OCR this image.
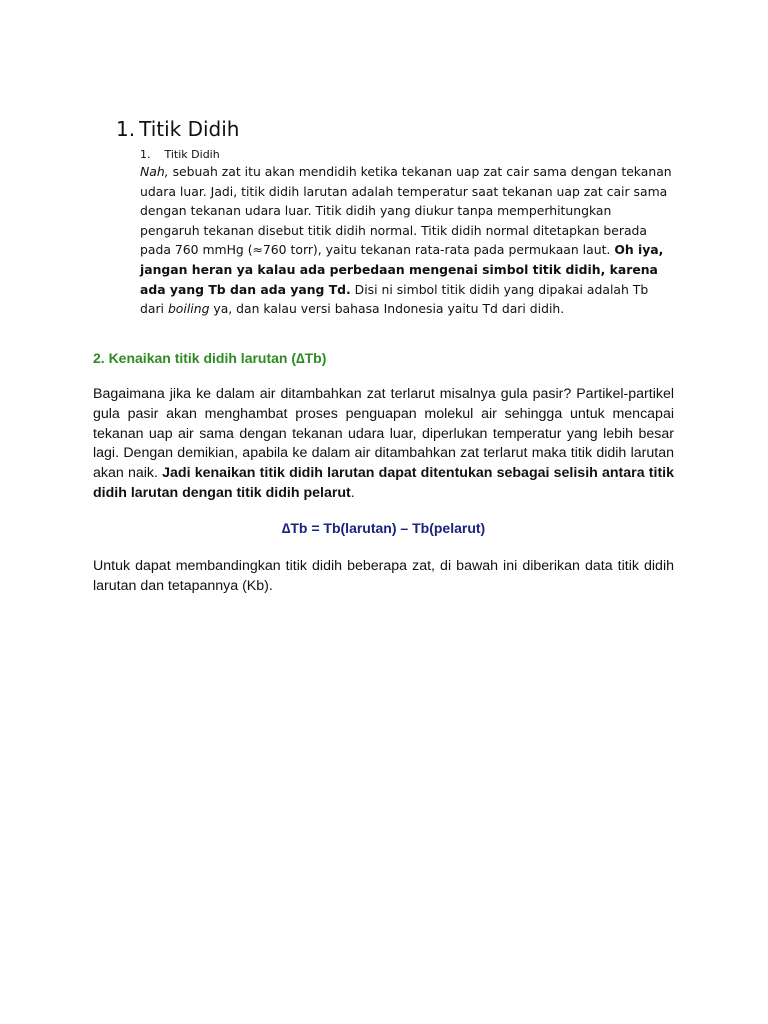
1. Titik Didih
1. Titik Didih

Nah, sebuah zat itu akan mendidih ketika tekanan uap zat cair sama dengan tekanan udara luar. Jadi, titik didih larutan adalah temperatur saat tekanan uap zat cair sama dengan tekanan udara luar. Titik didih yang diukur tanpa memperhitungkan pengaruh tekanan disebut titik didih normal. Titik didih normal ditetapkan berada pada 760 mmHg (≈760 torr), yaitu tekanan rata-rata pada permukaan laut. Oh iya, jangan heran ya kalau ada perbedaan mengenai simbol titik didih, karena ada yang Tb dan ada yang Td. Disi ni simbol titik didih yang dipakai adalah Tb dari boiling ya, dan kalau versi bahasa Indonesia yaitu Td dari didih.

2. Kenaikan titik didih larutan (∆Tb)

Bagaimana jika ke dalam air ditambahkan zat terlarut misalnya gula pasir? Partikel-partikel gula pasir akan menghambat proses penguapan molekul air sehingga untuk mencapai tekanan uap air sama dengan tekanan udara luar, diperlukan temperatur yang lebih besar lagi. Dengan demikian, apabila ke dalam air ditambahkan zat terlarut maka titik didih larutan akan naik. Jadi kenaikan titik didih larutan dapat ditentukan sebagai selisih antara titik didih larutan dengan titik didih pelarut.

∆Tb = Tb(larutan) – Tb(pelarut)

Untuk dapat membandingkan titik didih beberapa zat, di bawah ini diberikan data titik didih larutan dan tetapannya (Kb).
